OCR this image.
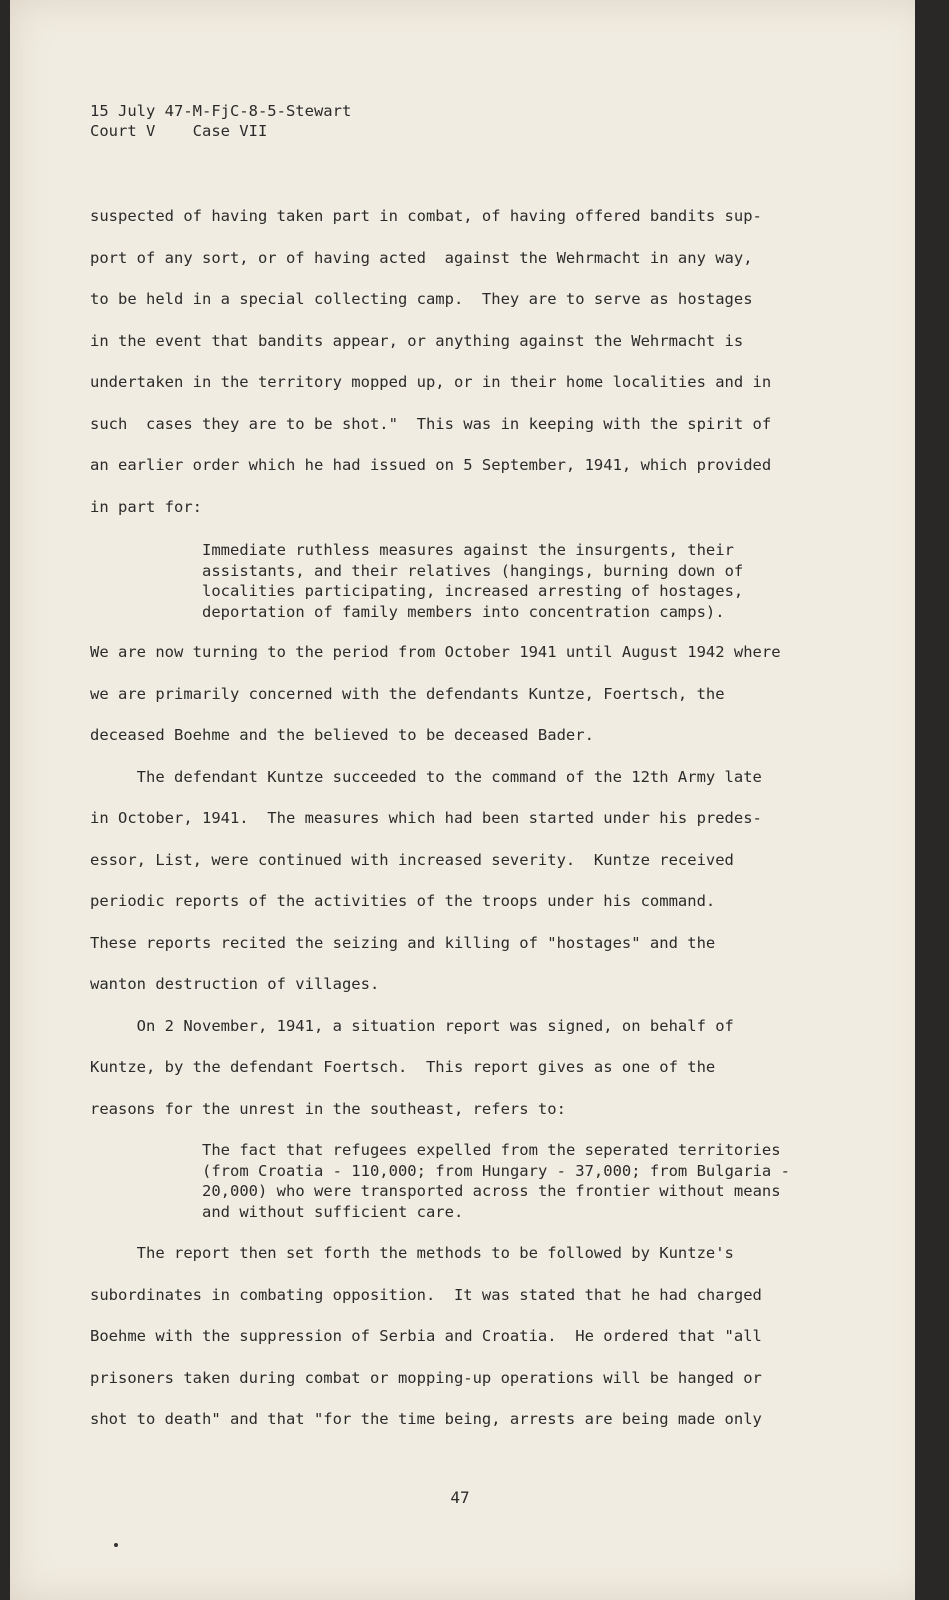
15 July 47-M-FjC-8-5-Stewart
Court V    Case VII
suspected of having taken part in combat, of having offered bandits sup-
port of any sort, or of having acted  against the Wehrmacht in any way,
to be held in a special collecting camp.  They are to serve as hostages
in the event that bandits appear, or anything against the Wehrmacht is
undertaken in the territory mopped up, or in their home localities and in
such  cases they are to be shot."  This was in keeping with the spirit of
an earlier order which he had issued on 5 September, 1941, which provided
in part for:
Immediate ruthless measures against the insurgents, their
assistants, and their relatives (hangings, burning down of
localities participating, increased arresting of hostages,
deportation of family members into concentration camps).
We are now turning to the period from October 1941 until August 1942 where
we are primarily concerned with the defendants Kuntze, Foertsch, the
deceased Boehme and the believed to be deceased Bader.
The defendant Kuntze succeeded to the command of the 12th Army late
in October, 1941.  The measures which had been started under his predes-
essor, List, were continued with increased severity.  Kuntze received
periodic reports of the activities of the troops under his command.
These reports recited the seizing and killing of "hostages" and the
wanton destruction of villages.
On 2 November, 1941, a situation report was signed, on behalf of
Kuntze, by the defendant Foertsch.  This report gives as one of the
reasons for the unrest in the southeast, refers to:
The fact that refugees expelled from the seperated territories
(from Croatia - 110,000; from Hungary - 37,000; from Bulgaria -
20,000) who were transported across the frontier without means
and without sufficient care.
The report then set forth the methods to be followed by Kuntze's
subordinates in combating opposition.  It was stated that he had charged
Boehme with the suppression of Serbia and Croatia.  He ordered that "all
prisoners taken during combat or mopping-up operations will be hanged or
shot to death" and that "for the time being, arrests are being made only
47
